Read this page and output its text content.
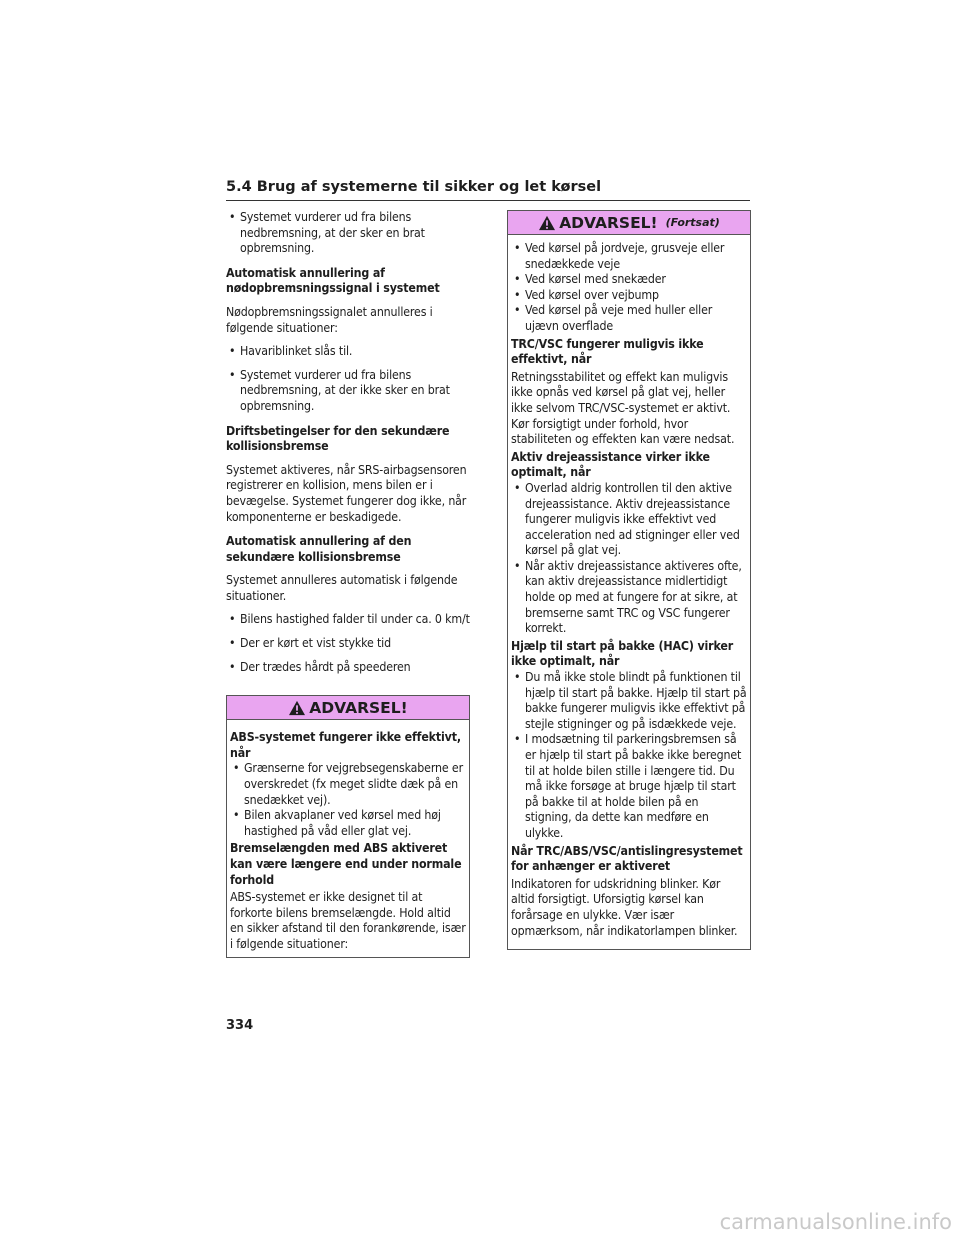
5.4 Brug af systemerne til sikker og let kørsel
• Systemet vurderer ud fra bilens nedbremsning, at der sker en brat opbremsning.
Automatisk annullering af nødopbremsningssignal i systemet

Nødopbremsningssignalet annulleres i følgende situationer:

• Havariblinket slås til.
• Systemet vurderer ud fra bilens nedbremsning, at der ikke sker en brat opbremsning.
Driftsbetingelser for den sekundære kollisionsbremse

Systemet aktiveres, når SRS-airbagsensoren registrerer en kollision, mens bilen er i bevægelse. Systemet fungerer dog ikke, når komponenterne er beskadigede.

Automatisk annullering af den sekundære kollisionsbremse

Systemet annulleres automatisk i følgende situationer.

• Bilens hastighed falder til under ca. 0 km/t
• Der er kørt et vist stykke tid
• Der trædes hårdt på speederen
ADVARSEL!
ABS-systemet fungerer ikke effektivt, når
• Grænserne for vejgrebsegenskaberne er overskredet (fx meget slidte dæk på en snedækket vej).
• Bilen akvaplaner ved kørsel med høj hastighed på våd eller glat vej.
Bremselængden med ABS aktiveret kan være længere end under normale forhold

ABS-systemet er ikke designet til at forkorte bilens bremselængde. Hold altid en sikker afstand til den forankørende, især i følgende situationer:

ADVARSEL! (Fortsat)
• Ved kørsel på jordveje, grusveje eller snedækkede veje
• Ved kørsel med snekæder
• Ved kørsel over vejbump
• Ved kørsel på veje med huller eller ujævn overflade
TRC/VSC fungerer muligvis ikke effektivt, når

Retningsstabilitet og effekt kan muligvis ikke opnås ved kørsel på glat vej, heller ikke selvom TRC/VSC-systemet er aktivt. Kør forsigtigt under forhold, hvor stabiliteten og effekten kan være nedsat.

Aktiv drejeassistance virker ikke optimalt, når
• Overlad aldrig kontrollen til den aktive drejeassistance. Aktiv drejeassistance fungerer muligvis ikke effektivt ved acceleration ned ad stigninger eller ved kørsel på glat vej.
• Når aktiv drejeassistance aktiveres ofte, kan aktiv drejeassistance midlertidigt holde op med at fungere for at sikre, at bremserne samt TRC og VSC fungerer korrekt.
Hjælp til start på bakke (HAC) virker ikke optimalt, når
• Du må ikke stole blindt på funktionen til hjælp til start på bakke. Hjælp til start på bakke fungerer muligvis ikke effektivt på stejle stigninger og på isdækkede veje.
• I modsætning til parkeringsbremsen så er hjælp til start på bakke ikke beregnet til at holde bilen stille i længere tid. Du må ikke forsøge at bruge hjælp til start på bakke til at holde bilen på en stigning, da dette kan medføre en ulykke.
Når TRC/ABS/VSC/antislingresystemet for anhænger er aktiveret

Indikatoren for udskridning blinker. Kør altid forsigtigt. Uforsigtig kørsel kan forårsage en ulykke. Vær især opmærksom, når indikatorlampen blinker.

334
carmanualsonline.info
